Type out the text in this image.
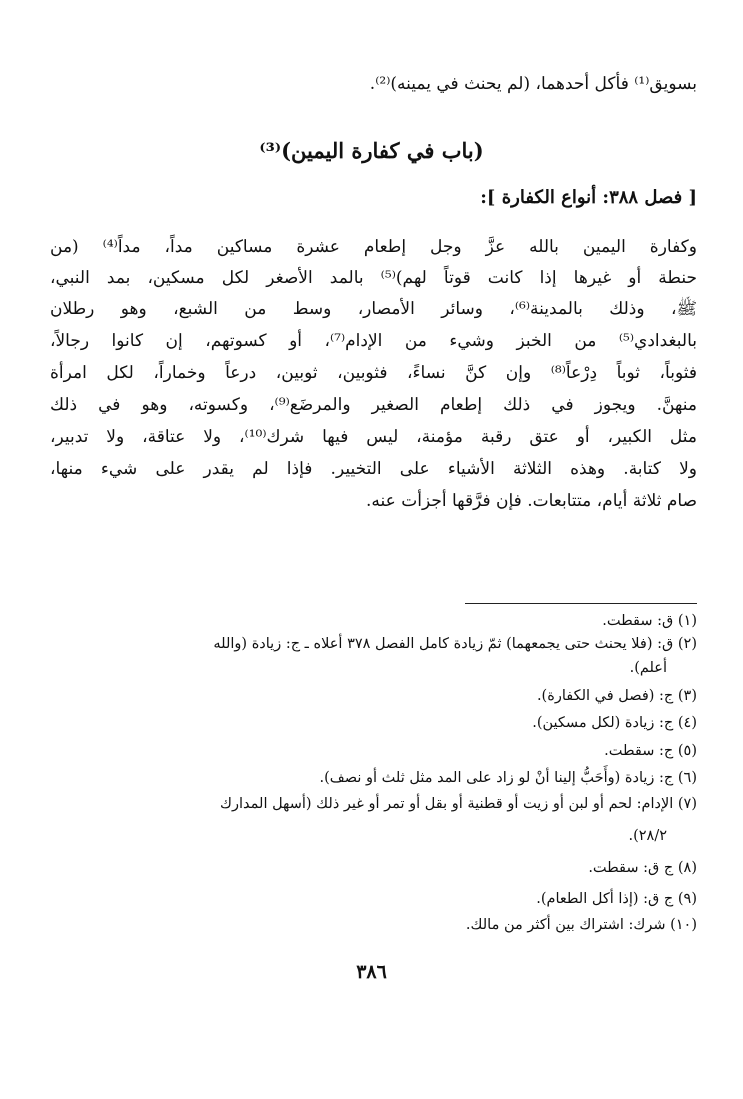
بسويق⁽¹⁾ فأكل أحدهما، (لم يحنث في يمينه)⁽²⁾.
(باب في كفارة اليمين)⁽³⁾
[ فصل ٣٨٨: أنواع الكفارة ]:
وكفارة اليمين بالله عزَّ وجل إطعام عشرة مساكين مداً، مداً⁽⁴⁾ (من
حنطة أو غيرها إذا كانت قوتاً لهم)⁽⁵⁾ بالمد الأصغر لكل مسكين، بمد النبي،
ﷺ، وذلك بالمدينة⁽⁶⁾، وسائر الأمصار، وسط من الشبع، وهو رطلان
بالبغدادي⁽⁵⁾ من الخبز وشيء من الإدام⁽⁷⁾، أو كسوتهم، إن كانوا رجالاً،
فثوباً، ثوباً دِرْعاً⁽⁸⁾ وإن كنَّ نساءً، فثوبين، ثوبين، درعاً وخماراً، لكل امرأة
منهنَّ. ويجوز في ذلك إطعام الصغير والمرضَع⁽⁹⁾، وكسوته، وهو في ذلك
مثل الكبير، أو عتق رقبة مؤمنة، ليس فيها شرك⁽¹⁰⁾، ولا عتاقة، ولا تدبير،
ولا كتابة. وهذه الثلاثة الأشياء على التخيير. فإذا لم يقدر على شيء منها،
صام ثلاثة أيام، متتابعات. فإن فرَّقها أجزأت عنه.
(١) ق: سقطت.
(٢) ق: (فلا يحنث حتى يجمعهما) ثمّ زيادة كامل الفصل ٣٧٨ أعلاه ـ ج: زيادة (والله
أعلم).
(٣) ج: (فصل في الكفارة).
(٤) ج: زيادة (لكل مسكين).
(٥) ج: سقطت.
(٦) ج: زيادة (وأَحَبُّ إلينا أنْ لو زاد على المد مثل ثلث أو نصف).
(٧) الإدام: لحم أو لبن أو زيت أو قطنية أو بقل أو تمر أو غير ذلك (أسهل المدارك
٢٨/٢).
(٨) ج ق: سقطت.
(٩) ج ق: (إذا أكل الطعام).
(١٠) شرك: اشتراك بين أكثر من مالك.
٣٨٦
